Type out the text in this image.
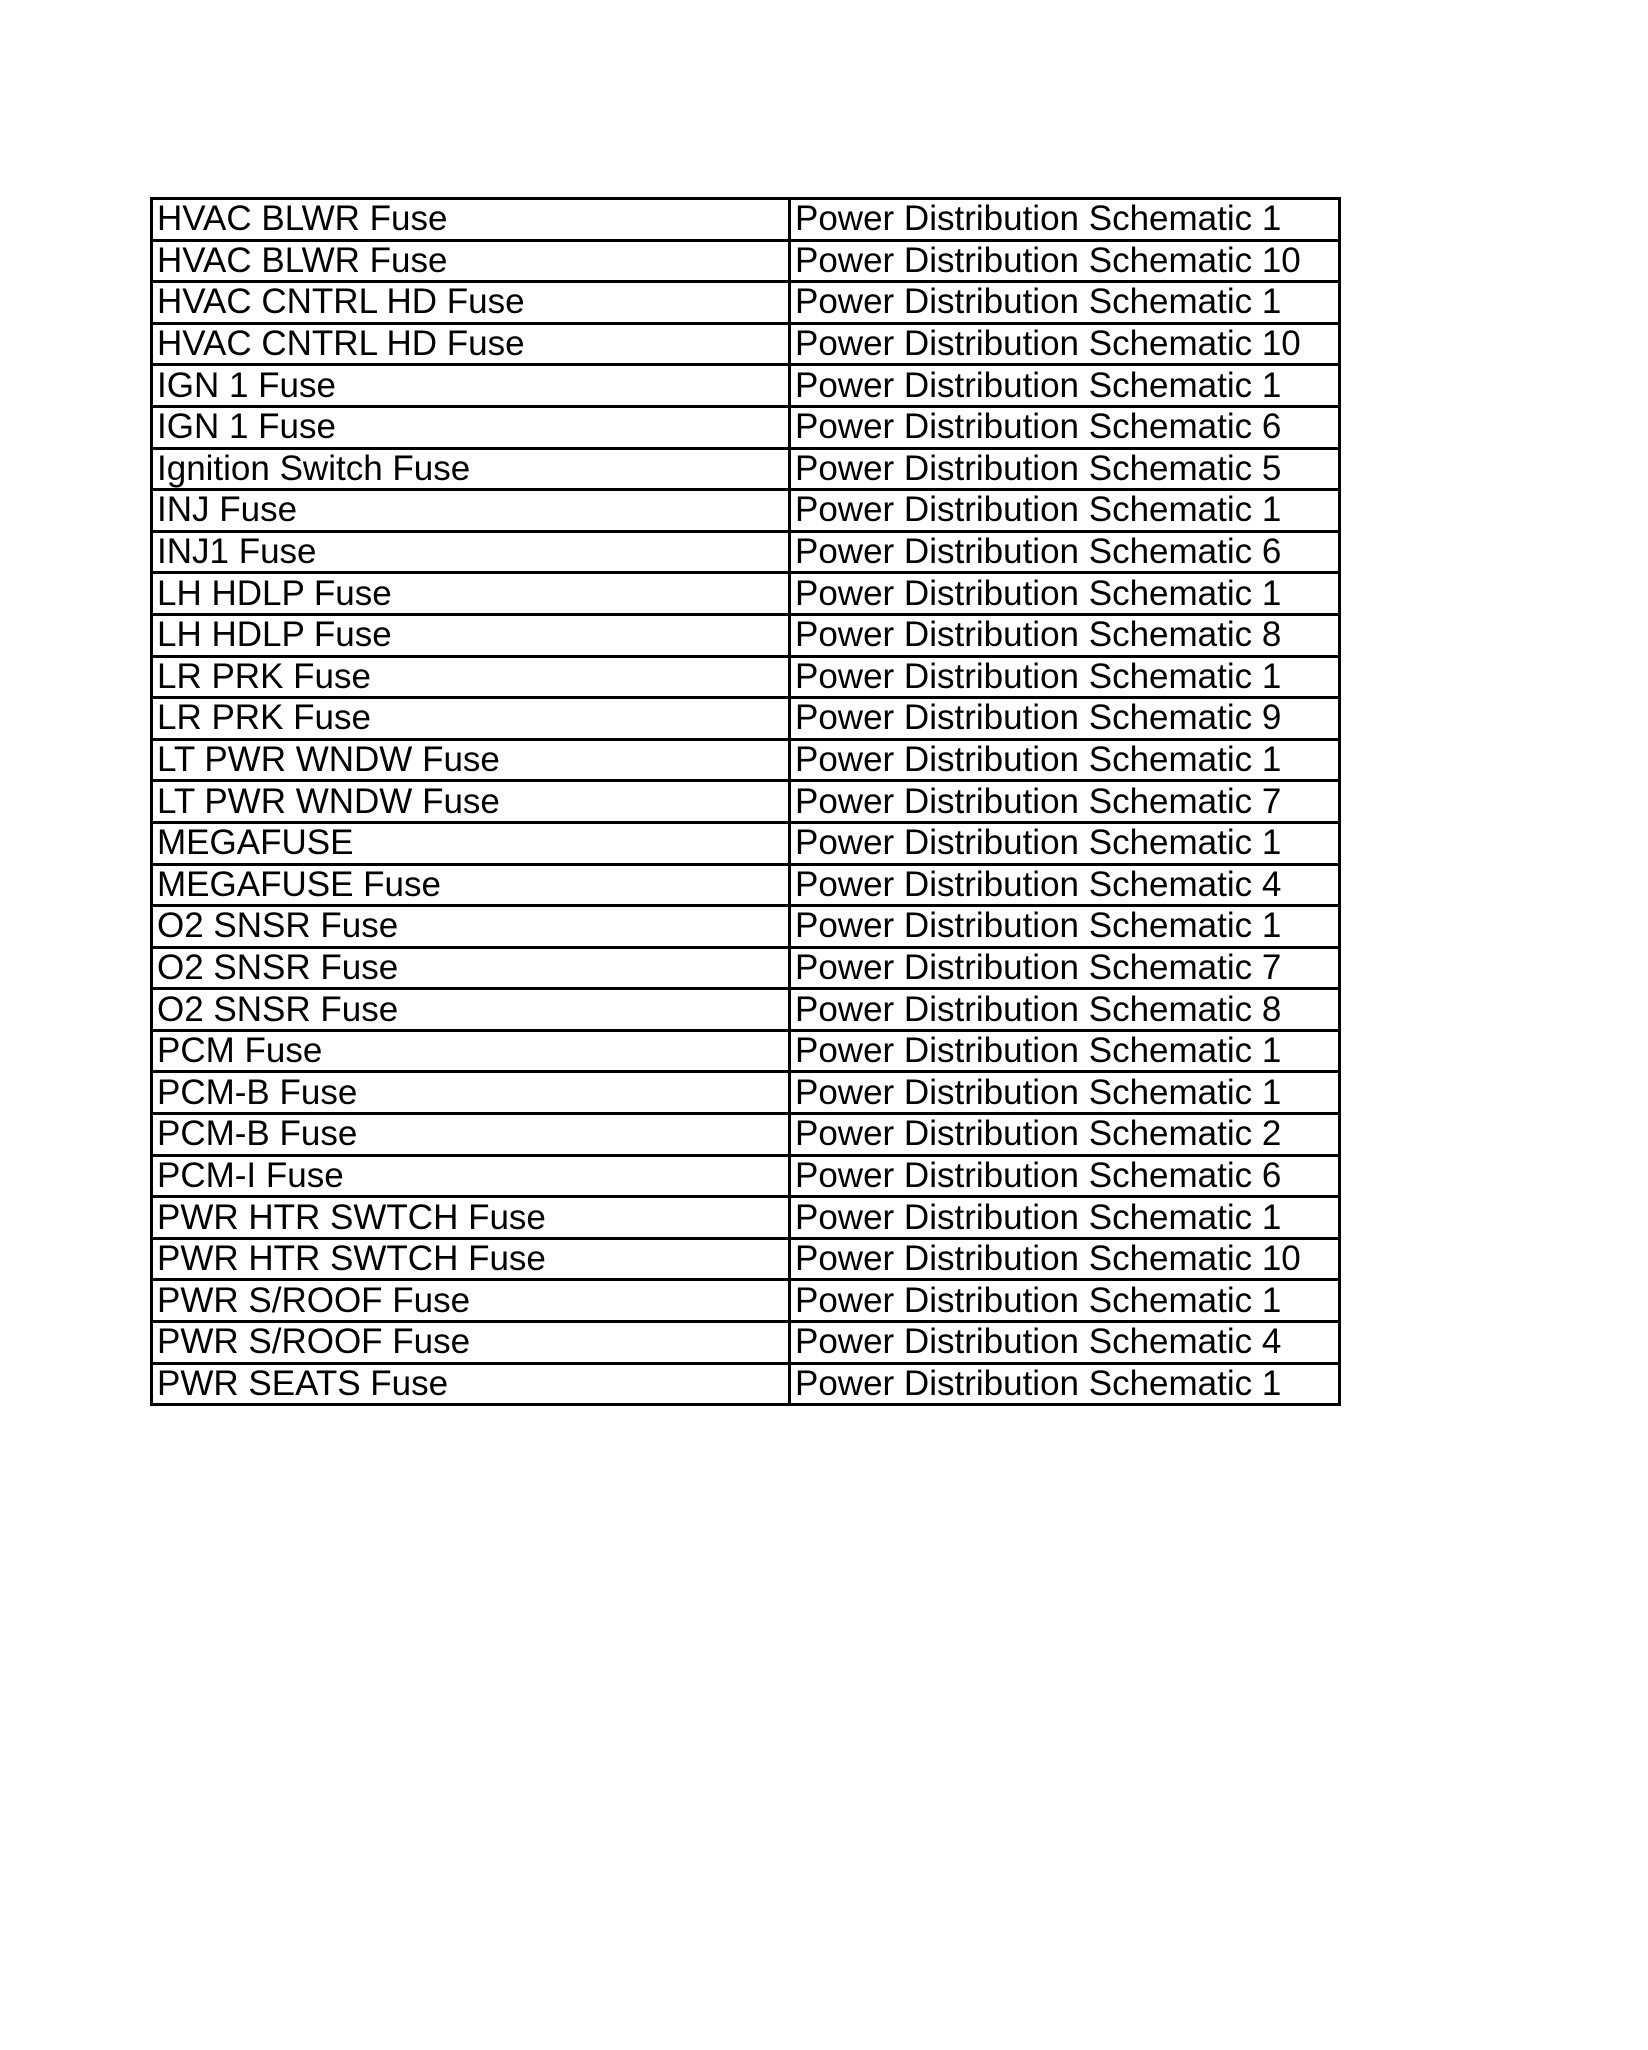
HVAC BLWR Fuse	Power Distribution Schematic 1
HVAC BLWR Fuse	Power Distribution Schematic 10
HVAC CNTRL HD Fuse	Power Distribution Schematic 1
HVAC CNTRL HD Fuse	Power Distribution Schematic 10
IGN 1 Fuse	Power Distribution Schematic 1
IGN 1 Fuse	Power Distribution Schematic 6
Ignition Switch Fuse	Power Distribution Schematic 5
INJ Fuse	Power Distribution Schematic 1
INJ1 Fuse	Power Distribution Schematic 6
LH HDLP Fuse	Power Distribution Schematic 1
LH HDLP Fuse	Power Distribution Schematic 8
LR PRK Fuse	Power Distribution Schematic 1
LR PRK Fuse	Power Distribution Schematic 9
LT PWR WNDW Fuse	Power Distribution Schematic 1
LT PWR WNDW Fuse	Power Distribution Schematic 7
MEGAFUSE	Power Distribution Schematic 1
MEGAFUSE Fuse	Power Distribution Schematic 4
O2 SNSR Fuse	Power Distribution Schematic 1
O2 SNSR Fuse	Power Distribution Schematic 7
O2 SNSR Fuse	Power Distribution Schematic 8
PCM Fuse	Power Distribution Schematic 1
PCM-B Fuse	Power Distribution Schematic 1
PCM-B Fuse	Power Distribution Schematic 2
PCM-I Fuse	Power Distribution Schematic 6
PWR HTR SWTCH Fuse	Power Distribution Schematic 1
PWR HTR SWTCH Fuse	Power Distribution Schematic 10
PWR S/ROOF Fuse	Power Distribution Schematic 1
PWR S/ROOF Fuse	Power Distribution Schematic 4
PWR SEATS Fuse	Power Distribution Schematic 1
